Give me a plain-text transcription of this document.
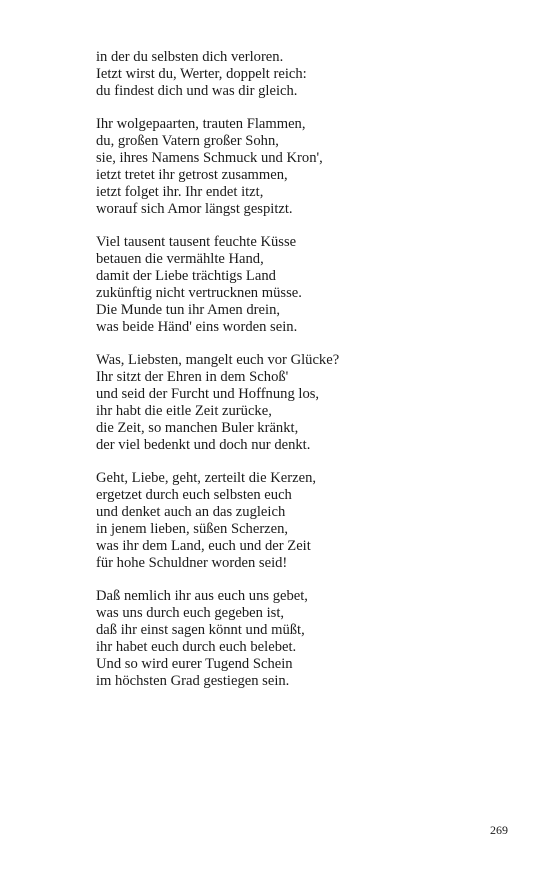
in der du selbsten dich verloren.
Ietzt wirst du, Werter, doppelt reich:
du findest dich und was dir gleich.
Ihr wolgepaarten, trauten Flammen,
du, großen Vatern großer Sohn,
sie, ihres Namens Schmuck und Kron',
ietzt tretet ihr getrost zusammen,
ietzt folget ihr. Ihr endet itzt,
worauf sich Amor längst gespitzt.
Viel tausent tausent feuchte Küsse
betauen die vermählte Hand,
damit der Liebe trächtigs Land
zukünftig nicht vertrucknen müsse.
Die Munde tun ihr Amen drein,
was beide Händ' eins worden sein.
Was, Liebsten, mangelt euch vor Glücke?
Ihr sitzt der Ehren in dem Schoß'
und seid der Furcht und Hoffnung los,
ihr habt die eitle Zeit zurücke,
die Zeit, so manchen Buler kränkt,
der viel bedenkt und doch nur denkt.
Geht, Liebe, geht, zerteilt die Kerzen,
ergetzet durch euch selbsten euch
und denket auch an das zugleich
in jenem lieben, süßen Scherzen,
was ihr dem Land, euch und der Zeit
für hohe Schuldner worden seid!
Daß nemlich ihr aus euch uns gebet,
was uns durch euch gegeben ist,
daß ihr einst sagen könnt und müßt,
ihr habet euch durch euch belebet.
Und so wird eurer Tugend Schein
im höchsten Grad gestiegen sein.
269
